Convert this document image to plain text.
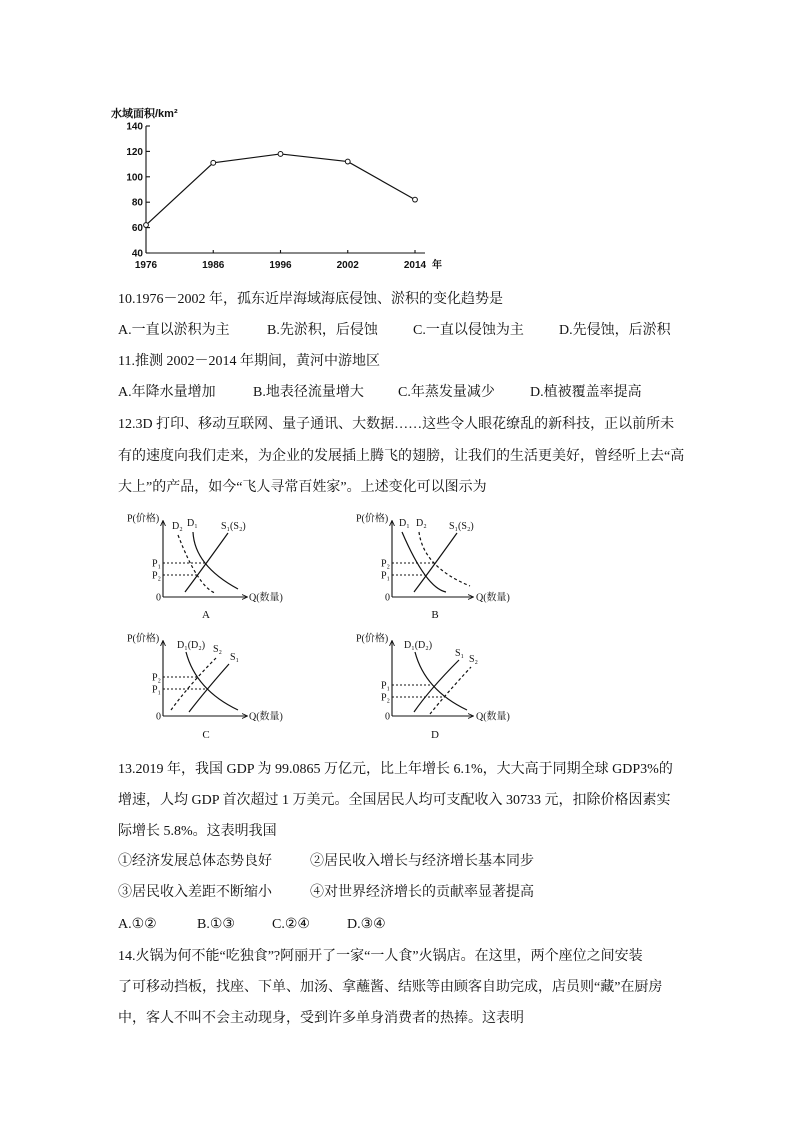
水域面积/km²
年
140
120
100
80
60
40
1976	1986	1996	2002	2014
10.1976－2002 年，孤东近岸海域海底侵蚀、淤积的变化趋势是
A.一直以淤积为主	B.先淤积，后侵蚀	C.一直以侵蚀为主	D.先侵蚀，后淤积
11.推测 2002－2014 年期间，黄河中游地区
A.年降水量增加	B.地表径流量增大 C.年蒸发量减少	D.植被覆盖率提高
12.3D 打印、移动互联网、量子通讯、大数据……这些令人眼花缭乱的新科技，正以前所未
有的速度向我们走来，为企业的发展插上腾飞的翅膀，让我们的生活更美好，曾经听上去“高
大上”的产品，如今“飞人寻常百姓家”。上述变化可以图示为
P(价格)
Q(数量)
0
D₂ D₁ S₁(S₂)
P₁
P₂
A
P(价格)
Q(数量)
0
D₁ D₂ S₁(S₂)
P₂
P₁
B
P(价格)
Q(数量)
0
D₁(D₂) S₂
S₁
P₂
P₁
C
P(价格)
Q(数量)
0
D₁(D₂)
S₁
S₂
P₁
P₂
D
13.2019 年，我国 GDP 为 99.0865 万亿元，比上年增长 6.1%，大大高于同期全球 GDP3%的
增速，人均 GDP 首次超过 1 万美元。全国居民人均可支配收入 30733 元，扣除价格因素实
际增长 5.8%。这表明我国
①经济发展总体态势良好	②居民收入增长与经济增长基本同步
③居民收入差距不断缩小	④对世界经济增长的贡献率显著提高
A.①②	B.①③	C.②④	D.③④
14.火锅为何不能“吃独食”?阿丽开了一家“一人食”火锅店。在这里，两个座位之间安装
了可移动挡板，找座、下单、加汤、拿蘸酱、结账等由顾客自助完成，店员则“藏”在厨房
中，客人不叫不会主动现身，受到许多单身消费者的热捧。这表明
